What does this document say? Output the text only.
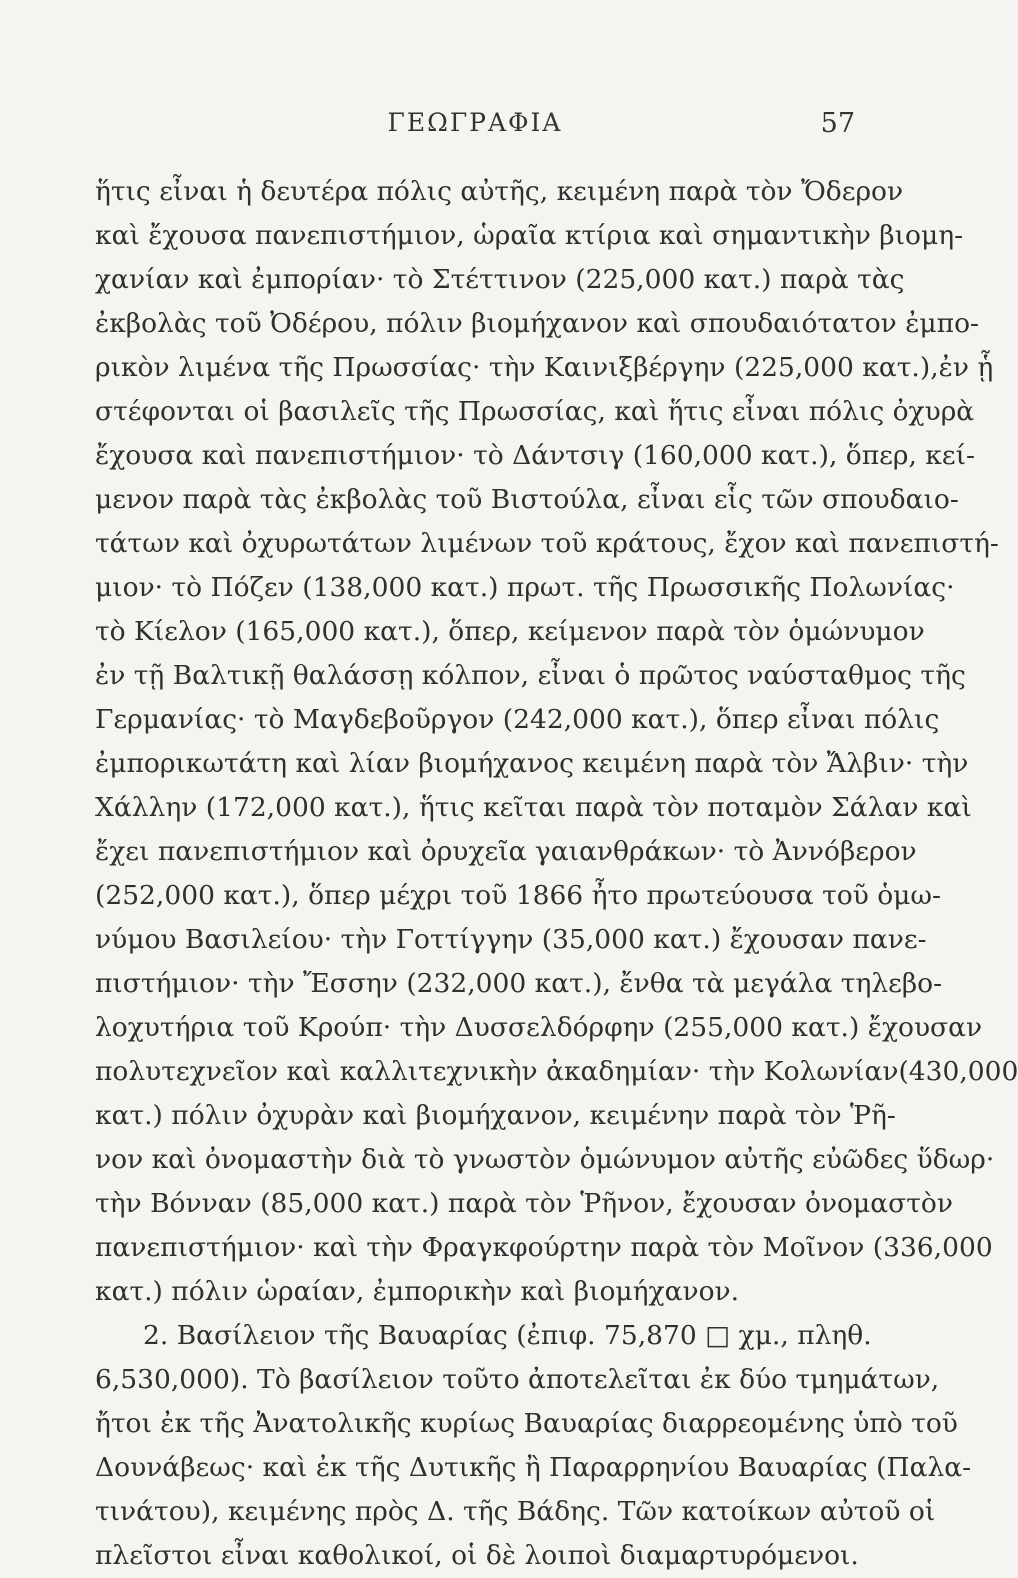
ΓΕΩΓΡΑΦΙΑ	57
ἥτις εἶναι ἡ δευτέρα πόλις αὐτῆς, κειμένη παρὰ τὸν Ὄδερον
καὶ ἔχουσα πανεπιστήμιον, ὡραῖα κτίρια καὶ σημαντικὴν βιομη-
χανίαν καὶ ἐμπορίαν· τὸ Στέττινον (225,000 κατ.) παρὰ τὰς
ἐκβολὰς τοῦ Ὀδέρου, πόλιν βιομήχανον καὶ σπουδαιότατον ἐμπο-
ρικὸν λιμένα τῆς Πρωσσίας· τὴν Καινιξβέργην (225,000 κατ.),ἐν ᾗ
στέφονται οἱ βασιλεῖς τῆς Πρωσσίας, καὶ ἥτις εἶναι πόλις ὀχυρὰ
ἔχουσα καὶ πανεπιστήμιον· τὸ Δάντσιγ (160,000 κατ.), ὅπερ, κεί-
μενον παρὰ τὰς ἐκβολὰς τοῦ Βιστούλα, εἶναι εἷς τῶν σπουδαιο-
τάτων καὶ ὀχυρωτάτων λιμένων τοῦ κράτους, ἔχον καὶ πανεπιστή-
μιον· τὸ Πόζεν (138,000 κατ.) πρωτ. τῆς Πρωσσικῆς Πολωνίας·
τὸ Κίελον (165,000 κατ.), ὅπερ, κείμενον παρὰ τὸν ὁμώνυμον
ἐν τῇ Βαλτικῇ θαλάσσῃ κόλπον, εἶναι ὁ πρῶτος ναύσταθμος τῆς
Γερμανίας· τὸ Μαγδεβοῦργον (242,000 κατ.), ὅπερ εἶναι πόλις
ἐμπορικωτάτη καὶ λίαν βιομήχανος κειμένη παρὰ τὸν Ἄλβιν· τὴν
Χάλλην (172,000 κατ.), ἥτις κεῖται παρὰ τὸν ποταμὸν Σάλαν καὶ
ἔχει πανεπιστήμιον καὶ ὀρυχεῖα γαιανθράκων· τὸ Ἀννόβερον
(252,000 κατ.), ὅπερ μέχρι τοῦ 1866 ἦτο πρωτεύουσα τοῦ ὁμω-
νύμου Βασιλείου· τὴν Γοττίγγην (35,000 κατ.) ἔχουσαν πανε-
πιστήμιον· τὴν Ἔσσην (232,000 κατ.), ἔνθα τὰ μεγάλα τηλεβο-
λοχυτήρια τοῦ Κρούπ· τὴν Δυσσελδόρφην (255,000 κατ.) ἔχουσαν
πολυτεχνεῖον καὶ καλλιτεχνικὴν ἀκαδημίαν· τὴν Κολωνίαν(430,000
κατ.) πόλιν ὀχυρὰν καὶ βιομήχανον, κειμένην παρὰ τὸν Ῥῆ-
νον καὶ ὀνομαστὴν διὰ τὸ γνωστὸν ὁμώνυμον αὐτῆς εὐῶδες ὕδωρ·
τὴν Βόνναν (85,000 κατ.) παρὰ τὸν Ῥῆνον, ἔχουσαν ὀνομαστὸν
πανεπιστήμιον· καὶ τὴν Φραγκφούρτην παρὰ τὸν Μοῖνον (336,000
κατ.) πόλιν ὡραίαν, ἐμπορικὴν καὶ βιομήχανον.
2. Βασίλειον τῆς Βαυαρίας (ἐπιφ. 75,870 □ χμ., πληθ.
6,530,000). Τὸ βασίλειον τοῦτο ἀποτελεῖται ἐκ δύο τμημάτων,
ἤτοι ἐκ τῆς Ἀνατολικῆς κυρίως Βαυαρίας διαρρεομένης ὑπὸ τοῦ
Δουνάβεως· καὶ ἐκ τῆς Δυτικῆς ἢ Παραρρηνίου Βαυαρίας (Παλα-
τινάτου), κειμένης πρὸς Δ. τῆς Βάδης. Τῶν κατοίκων αὐτοῦ οἱ
πλεῖστοι εἶναι καθολικοί, οἱ δὲ λοιποὶ διαμαρτυρόμενοι.
